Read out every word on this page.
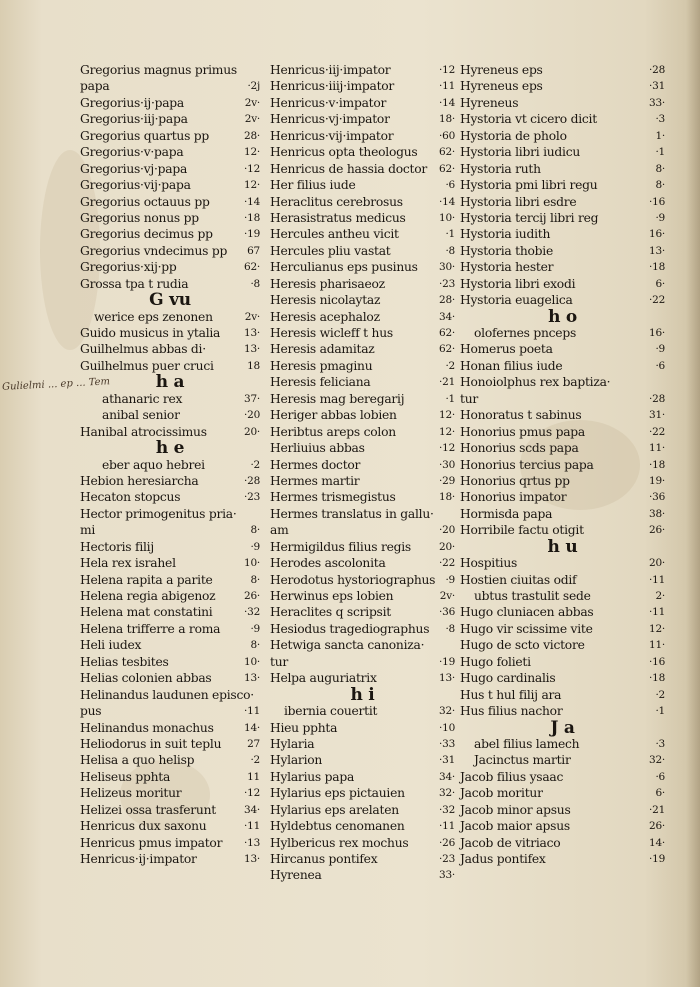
Gulielmi ... ep ... Tem
Gregorius magnus primus
papa	·2j
Gregorius·ij·papa	2v·
Gregorius·iij·papa	2v·
Gregorius quartus pp	28·
Gregorius·v·papa	12·
Gregorius·vj·papa	·12
Gregorius·vij·papa	12·
Gregorius octauus pp	·14
Gregorius nonus pp	·18
Gregorius decimus pp	·19
Gregorius vndecimus pp 67
Gregorius·xij·pp	62·
Grossa tpa t rudia	·8
G vu
werice eps zenonen	2v·
Guido musicus in ytalia 13·
Guilhelmus abbas di·	13·
Guilhelmus puer cruci	18
h a
athanaric rex	37·
anibal senior	·20
Hanibal atrocissimus	20·
h e
eber aquo hebrei	·2
Hebion heresiarcha	·28
Hecaton stopcus	·23
Hector primogenitus pria·
mi	8·
Hectoris filij	·9
Hela rex israhel	10·
Helena rapita a parite	8·
Helena regia abigenoz	26·
Helena mat constatini	·32
Helena trifferre a roma	·9
Heli iudex	8·
Helias tesbites	10·
Helias colonien abbas	13·
Helinandus laudunen episco·
pus	·11
Helinandus monachus	14·
Heliodorus in suit teplu 27
Helisa a quo helisp	·2
Heliseus pphta	11
Helizeus moritur	·12
Helizei ossa trasferunt	34·
Henricus dux saxonu	·11
Henricus pmus impator ·13
Henricus·ij·impator	13·
Henricus·iij·impator	·12
Henricus·iiij·impator	·11
Henricus·v·impator	·14
Henricus·vj·impator	18·
Henricus·vij·impator	·60
Henricus opta theologus 62·
Henricus de hassia doctor 62·
Her filius iude	·6
Heraclitus cerebrosus	·14
Herasistratus medicus	10·
Hercules antheu vicit	·1
Hercules pliu vastat	·8
Herculianus eps pusinus 30·
Heresis pharisaeoz	·23
Heresis nicolaytaz	28·
Heresis acephaloz	34·
Heresis wicleff t hus	62·
Heresis adamitaz	62·
Heresis pmaginu	·2
Heresis feliciana	·21
Heresis mag beregarij	·1
Heriger abbas lobien	12·
Heribtus areps colon	12·
Herliuius abbas	·12
Hermes doctor	·30
Hermes martir	·29
Hermes trismegistus	18·
Hermes translatus in gallu·
am	·20
Hermigildus filius regis	20·
Herodes ascolonita	·22
Herodotus hystoriographus ·9
Herwinus eps lobien	2v·
Heraclites q scripsit	·36
Hesiodus tragediographus ·8
Hetwiga sancta canoniza·
tur	·19
Helpa auguriatrix	13·
h i
ibernia couertit	32·
Hieu pphta	·10
Hylaria	·33
Hylarion	·31
Hylarius papa	34·
Hylarius eps pictauien	32·
Hylarius eps arelaten	·32
Hyldebtus cenomanen	·11
Hylbericus rex mochus	·26
Hircanus pontifex	·23
Hyrenea	33·
Hyreneus eps	·28
Hyreneus eps	·31
Hyreneus	33·
Hystoria vt cicero dicit	·3
Hystoria de pholo	1·
Hystoria libri iudicu	·1
Hystoria ruth	8·
Hystoria pmi libri regu	8·
Hystoria libri esdre	·16
Hystoria tercij libri reg	·9
Hystoria iudith	16·
Hystoria thobie	13·
Hystoria hester	·18
Hystoria libri exodi	6·
Hystoria euagelica	·22
h o
olofernes pnceps	16·
Homerus poeta	·9
Honan filius iude	·6
Honoiolphus rex baptiza·
tur	·28
Honoratus t sabinus	31·
Honorius pmus papa	·22
Honorius scds papa	11·
Honorius tercius papa	·18
Honorius qrtus pp	19·
Honorius impator	·36
Hormisda papa	38·
Horribile factu otigit	26·
h u
Hospitius	20·
Hostien ciuitas odif	·11
ubtus trastulit sede	2·
Hugo cluniacen abbas	·11
Hugo vir scissime vite	12·
Hugo de scto victore	11·
Hugo folieti	·16
Hugo cardinalis	·18
Hus t hul filij ara	·2
Hus filius nachor	·1
J a
abel filius lamech	·3
Jacinctus martir	32·
Jacob filius ysaac	·6
Jacob moritur	6·
Jacob minor apsus	·21
Jacob maior apsus	26·
Jacob de vitriaco	14·
Jadus pontifex	·19
